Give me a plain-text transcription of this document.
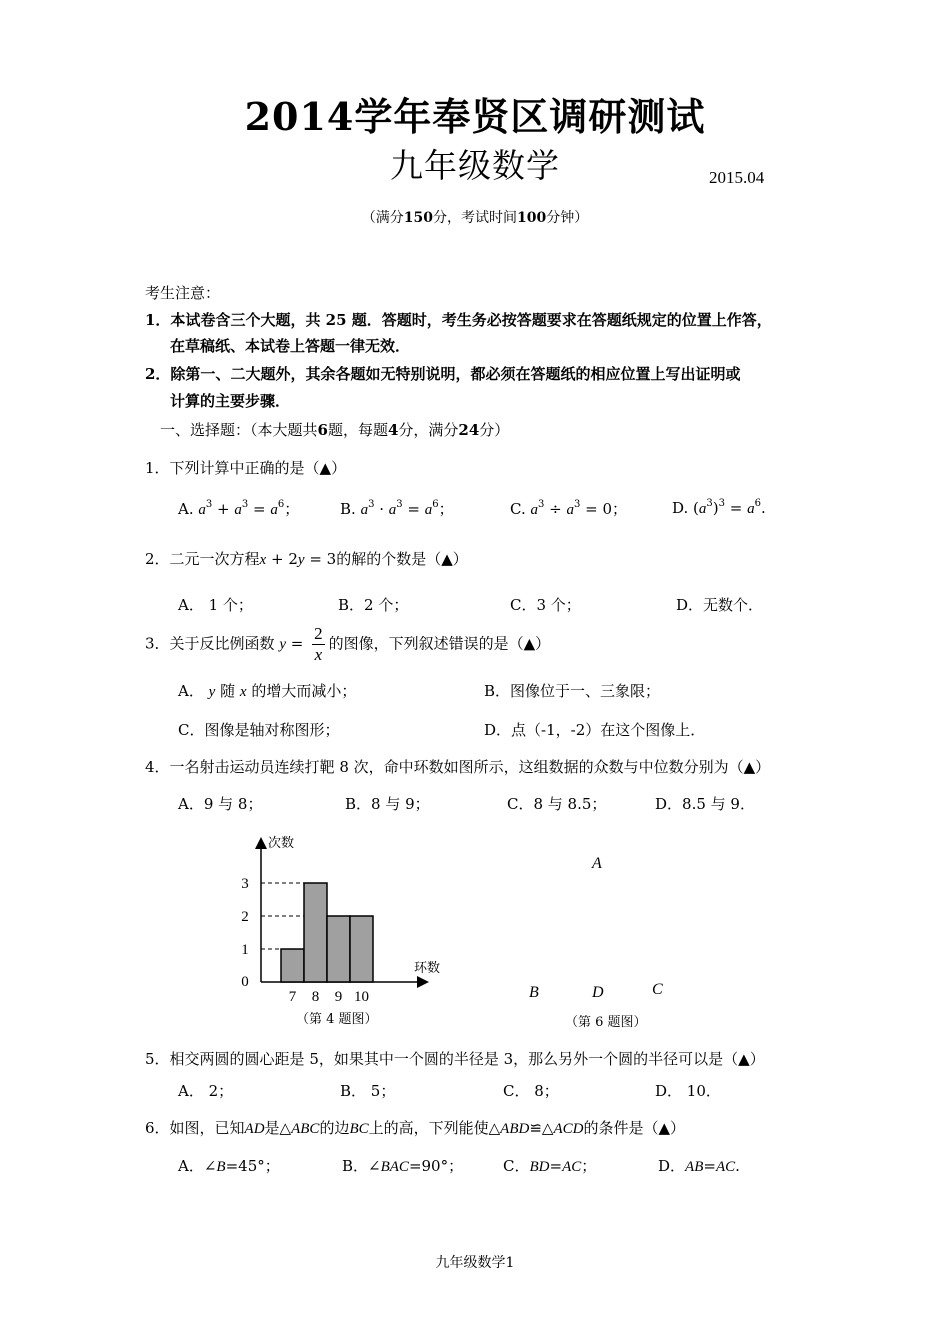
2014学年奉贤区调研测试
九年级数学	2015.04
（满分150分，考试时间100分钟）
考生注意：
1．本试卷含三个大题，共 25 题．答题时，考生务必按答题要求在答题纸规定的位置上作答，
在草稿纸、本试卷上答题一律无效．
2．除第一、二大题外，其余各题如无特别说明，都必须在答题纸的相应位置上写出证明或
计算的主要步骤．
一、选择题：（本大题共6题，每题4分，满分24分）
1．下列计算中正确的是（▲）
A. $a^3 + a^3 = a^6$；	B. $a^3 \cdot a^3 = a^6$；	C. $a^3 \div a^3 = 0$；	D. $(a^3)^3 = a^6$.
2．二元一次方程x + 2y = 3的解的个数是（▲）
A． 1 个；	B．2 个；	C．3 个；	D．无数个．
3．关于反比例函数 $y = \frac{2}{x}$ 的图像，下列叙述错误的是（▲）
A． y 随 x 的增大而减小；	B．图像位于一、三象限；
C．图像是轴对称图形；	D．点（-1，-2）在这个图像上．
4．一名射击运动员连续打靶 8 次，命中环数如图所示，这组数据的众数与中位数分别为（▲）
A．9 与 8；	B．8 与 9；	C．8 与 8.5；	D．8.5 与 9．
次数
环数
0
1
2
3
7 8 9 10
（第 4 题图）
A
B	D	C
（第 6 题图）
5．相交两圆的圆心距是 5，如果其中一个圆的半径是 3，那么另外一个圆的半径可以是（▲）
A． 2；	B． 5；	C． 8；	D． 10．
6．如图，已知AD是△ABC的边BC上的高，下列能使△ABD≌△ACD的条件是（▲）
A．∠B=45°；	B．∠BAC=90°；	C．BD=AC；	D．AB=AC.
九年级数学1
